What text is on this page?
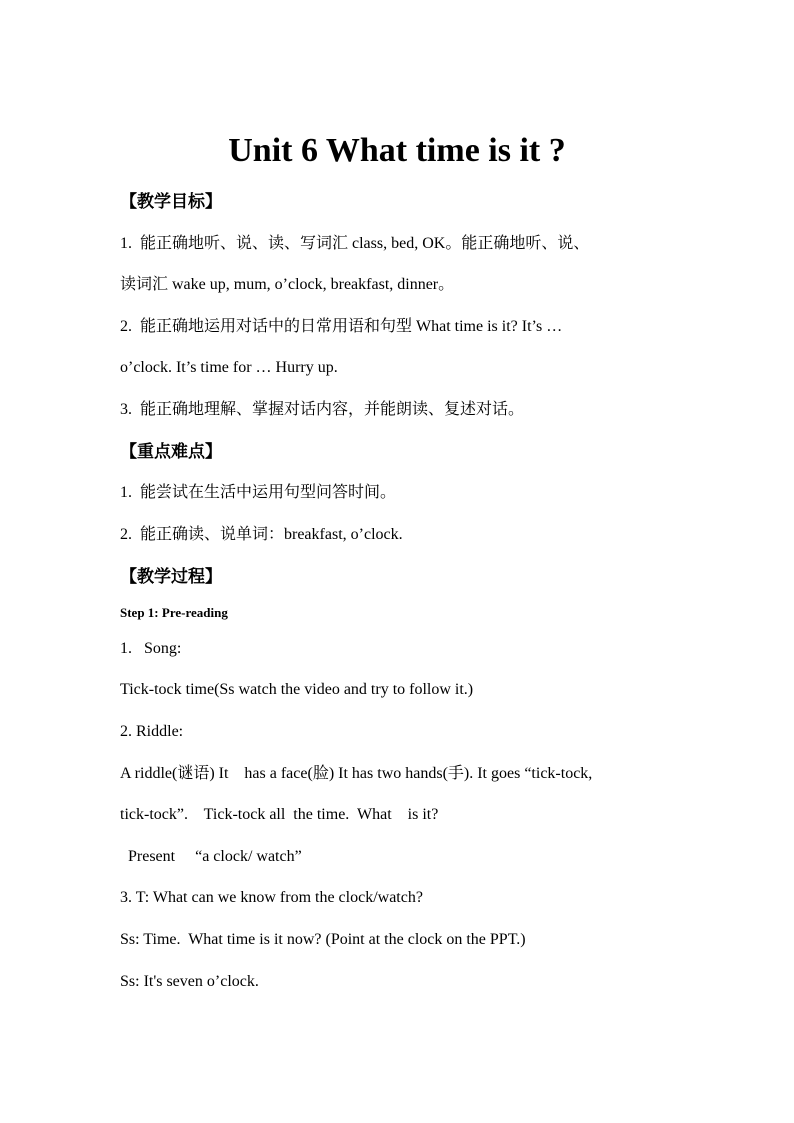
Unit 6 What time is it ?
【教学目标】
1.  能正确地听、说、读、写词汇 class, bed, OK。能正确地听、说、
读词汇 wake up, mum, o’clock, breakfast, dinner。
2.  能正确地运用对话中的日常用语和句型 What time is it? It’s …
o’clock. It’s time for … Hurry up.
3.  能正确地理解、掌握对话内容，并能朗读、复述对话。
【重点难点】
1.  能尝试在生活中运用句型问答时间。
2.  能正确读、说单词：breakfast, o’clock.
【教学过程】
Step 1: Pre-reading
1.   Song:
Tick-tock time(Ss watch the video and try to follow it.)
2. Riddle:
A riddle(谜语) It    has a face(脸) It has two hands(手). It goes “tick-tock,
tick-tock”.    Tick-tock all  the time.  What    is it?
Present     “a clock/ watch”
3. T: What can we know from the clock/watch?
Ss: Time.  What time is it now? (Point at the clock on the PPT.)
Ss: It's seven o’clock.
